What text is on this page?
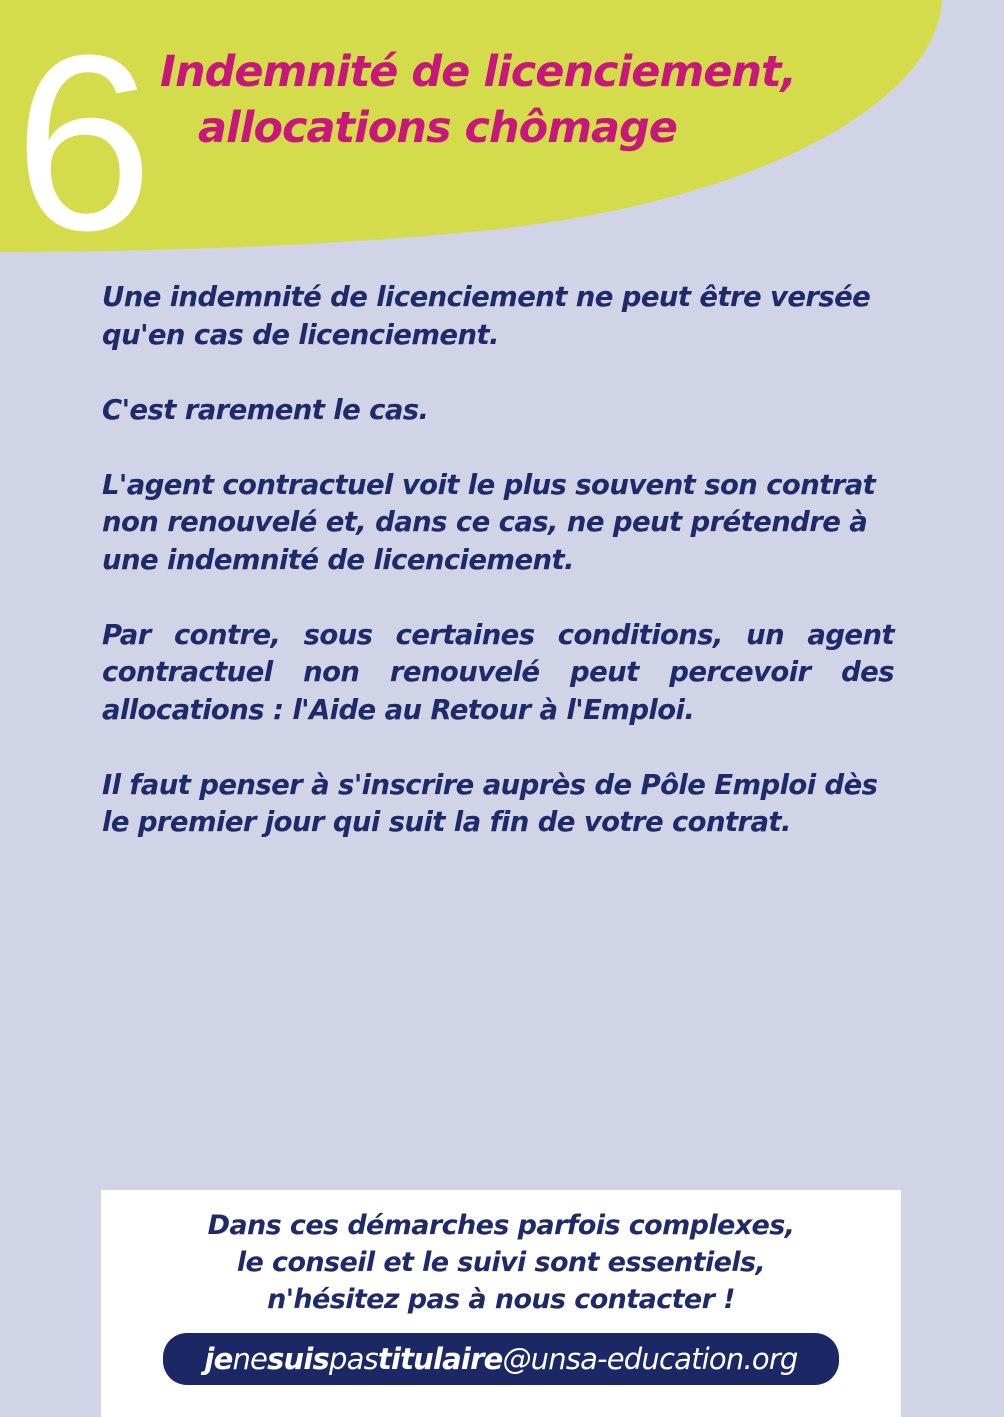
6 Indemnité de licenciement,
allocations chômage

Une indemnité de licenciement ne peut être versée qu'en cas de licenciement.

C'est rarement le cas.

L'agent contractuel voit le plus souvent son contrat non renouvelé et, dans ce cas, ne peut prétendre à une indemnité de licenciement.

Par contre, sous certaines conditions, un agent contractuel non renouvelé peut percevoir des allocations : l'Aide au Retour à l'Emploi.

Il faut penser à s'inscrire auprès de Pôle Emploi dès le premier jour qui suit la fin de votre contrat.

Dans ces démarches parfois complexes,
le conseil et le suivi sont essentiels,
n'hésitez pas à nous contacter !
jenesuispastitulaire@unsa-education.org
